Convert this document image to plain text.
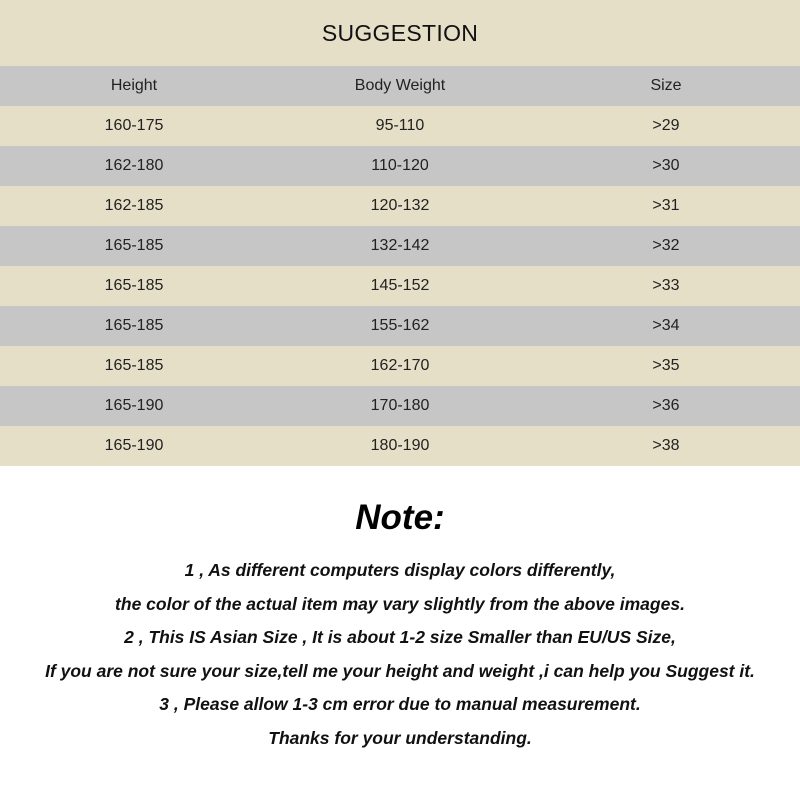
SUGGESTION
Height	Body Weight	Size
160-175	95-110	>29
162-180	110-120	>30
162-185	120-132	>31
165-185	132-142	>32
165-185	145-152	>33
165-185	155-162	>34
165-185	162-170	>35
165-190	170-180	>36
165-190	180-190	>38
Note:
1 , As different computers display colors differently,
the color of the actual item may vary slightly from the above images.
2 , This IS Asian Size , It is about 1-2 size Smaller than EU/US Size,
If you are not sure your size,tell me your height and weight ,i can help you Suggest it.
3 , Please allow 1-3 cm error due to manual measurement.
Thanks for your understanding.
